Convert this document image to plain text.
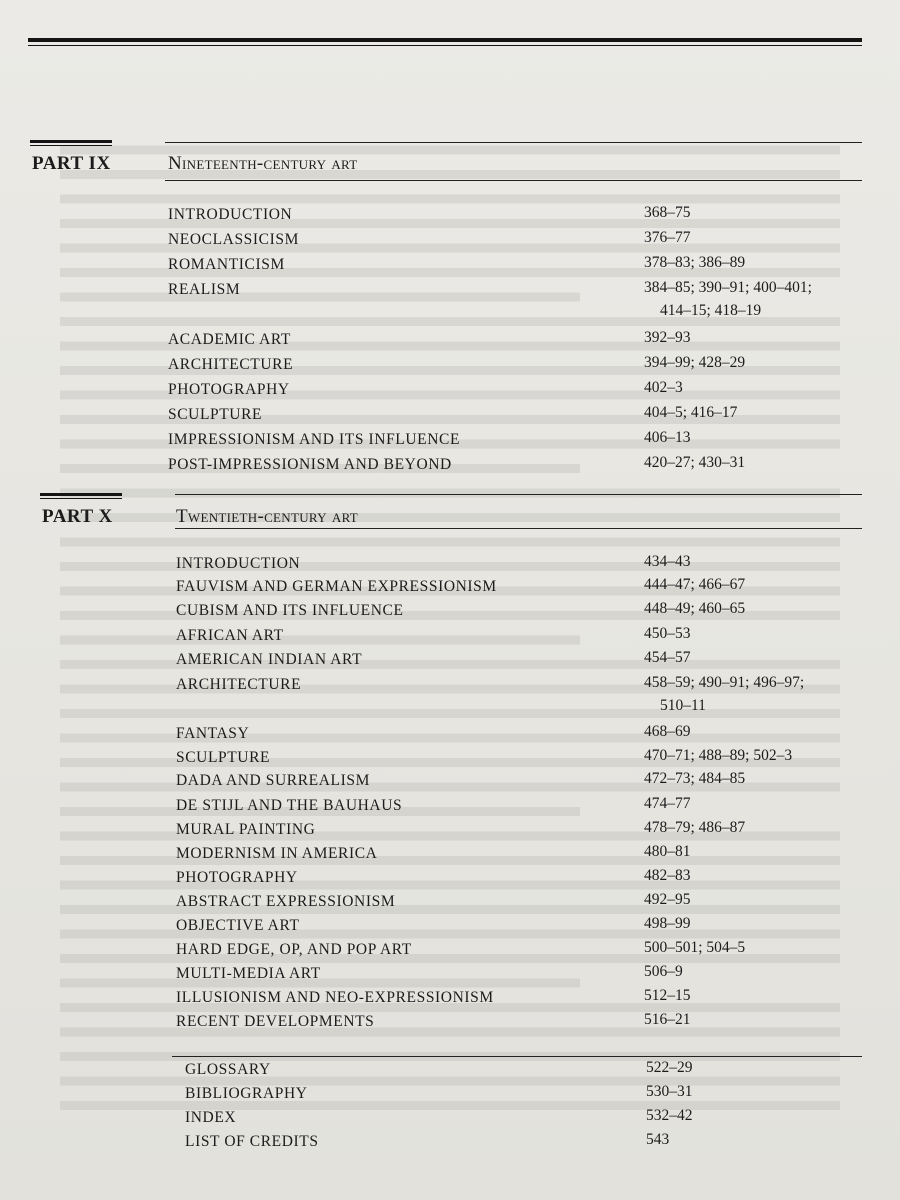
PART IX	Nineteenth-century art
INTRODUCTION	368–75
NEOCLASSICISM	376–77
ROMANTICISM	378–83; 386–89
REALISM	384–85; 390–91; 400–401;
414–15; 418–19
ACADEMIC ART	392–93
ARCHITECTURE	394–99; 428–29
PHOTOGRAPHY	402–3
SCULPTURE	404–5; 416–17
IMPRESSIONISM AND ITS INFLUENCE	406–13
POST-IMPRESSIONISM AND BEYOND	420–27; 430–31
PART X	Twentieth-century art
INTRODUCTION	434–43
FAUVISM AND GERMAN EXPRESSIONISM	444–47; 466–67
CUBISM AND ITS INFLUENCE	448–49; 460–65
AFRICAN ART	450–53
AMERICAN INDIAN ART	454–57
ARCHITECTURE	458–59; 490–91; 496–97;
510–11
FANTASY	468–69
SCULPTURE	470–71; 488–89; 502–3
DADA AND SURREALISM	472–73; 484–85
DE STIJL AND THE BAUHAUS	474–77
MURAL PAINTING	478–79; 486–87
MODERNISM IN AMERICA	480–81
PHOTOGRAPHY	482–83
ABSTRACT EXPRESSIONISM	492–95
OBJECTIVE ART	498–99
HARD EDGE, OP, AND POP ART	500–501; 504–5
MULTI-MEDIA ART	506–9
ILLUSIONISM AND NEO-EXPRESSIONISM	512–15
RECENT DEVELOPMENTS	516–21
GLOSSARY	522–29
BIBLIOGRAPHY	530–31
INDEX	532–42
LIST OF CREDITS	543
